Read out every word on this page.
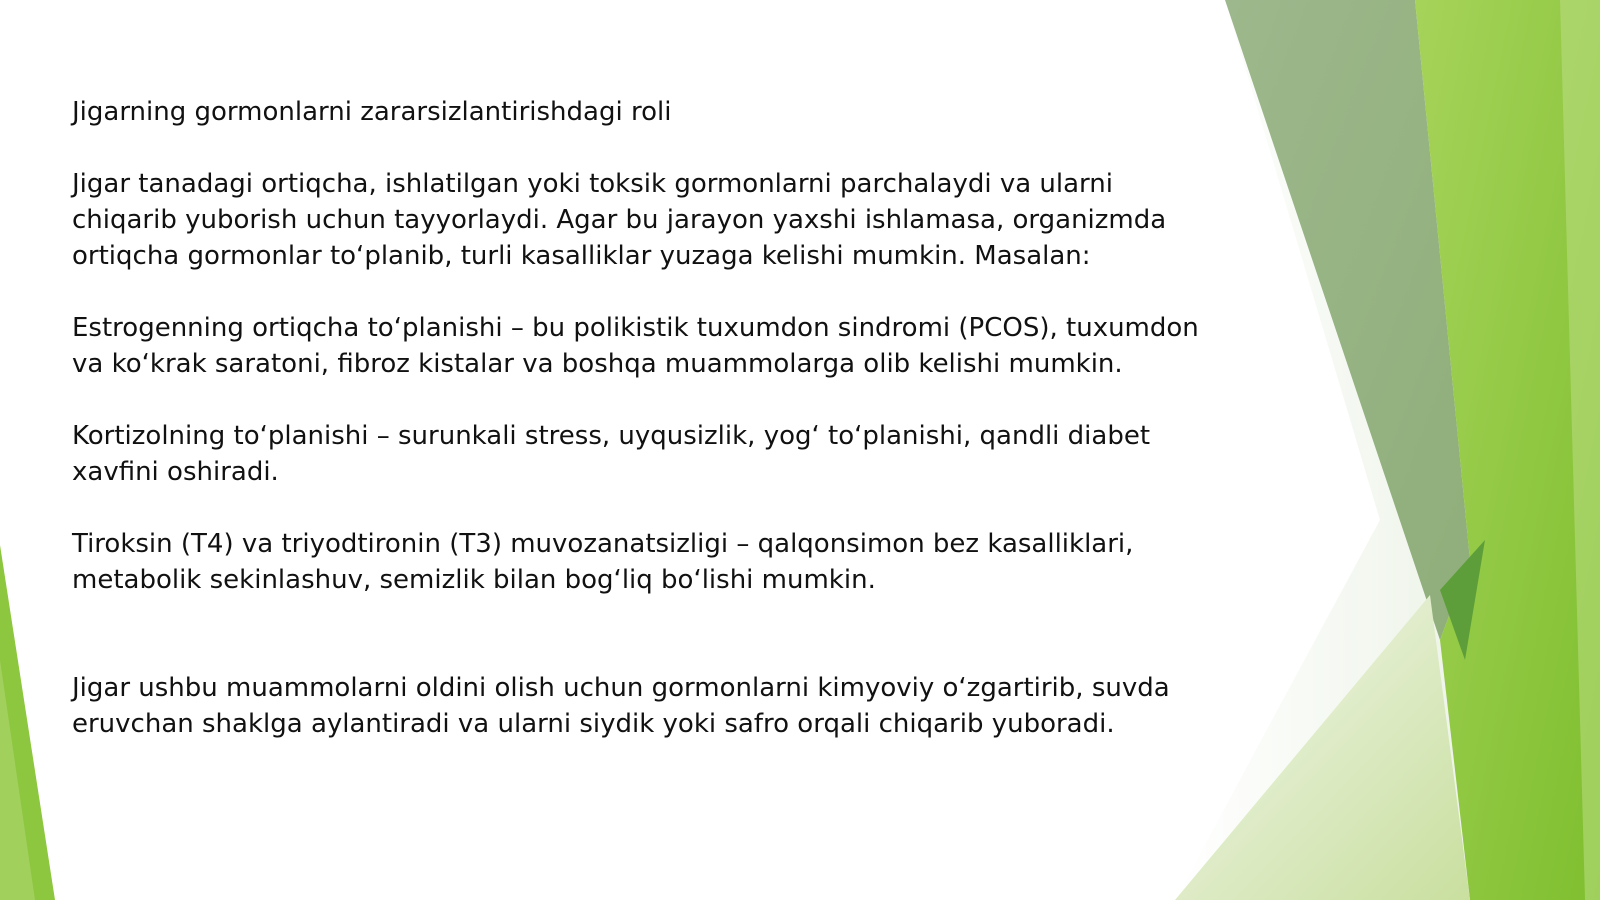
Jigarning gormonlarni zararsizlantirishdagi roli

Jigar tanadagi ortiqcha, ishlatilgan yoki toksik gormonlarni parchalaydi va ularni chiqarib yuborish uchun tayyorlaydi. Agar bu jarayon yaxshi ishlamasa, organizmda ortiqcha gormonlar to‘planib, turli kasalliklar yuzaga kelishi mumkin. Masalan:

Estrogenning ortiqcha to‘planishi – bu polikistik tuxumdon sindromi (PCOS), tuxumdon va ko‘krak saratoni, fibroz kistalar va boshqa muammolarga olib kelishi mumkin.

Kortizolning to‘planishi – surunkali stress, uyqusizlik, yog‘ to‘planishi, qandli diabet xavfini oshiradi.

Tiroksin (T4) va triyodtironin (T3) muvozanatsizligi – qalqonsimon bez kasalliklari, metabolik sekinlashuv, semizlik bilan bog‘liq bo‘lishi mumkin.

Jigar ushbu muammolarni oldini olish uchun gormonlarni kimyoviy o‘zgartirib, suvda eruvchan shaklga aylantiradi va ularni siydik yoki safro orqali chiqarib yuboradi.
